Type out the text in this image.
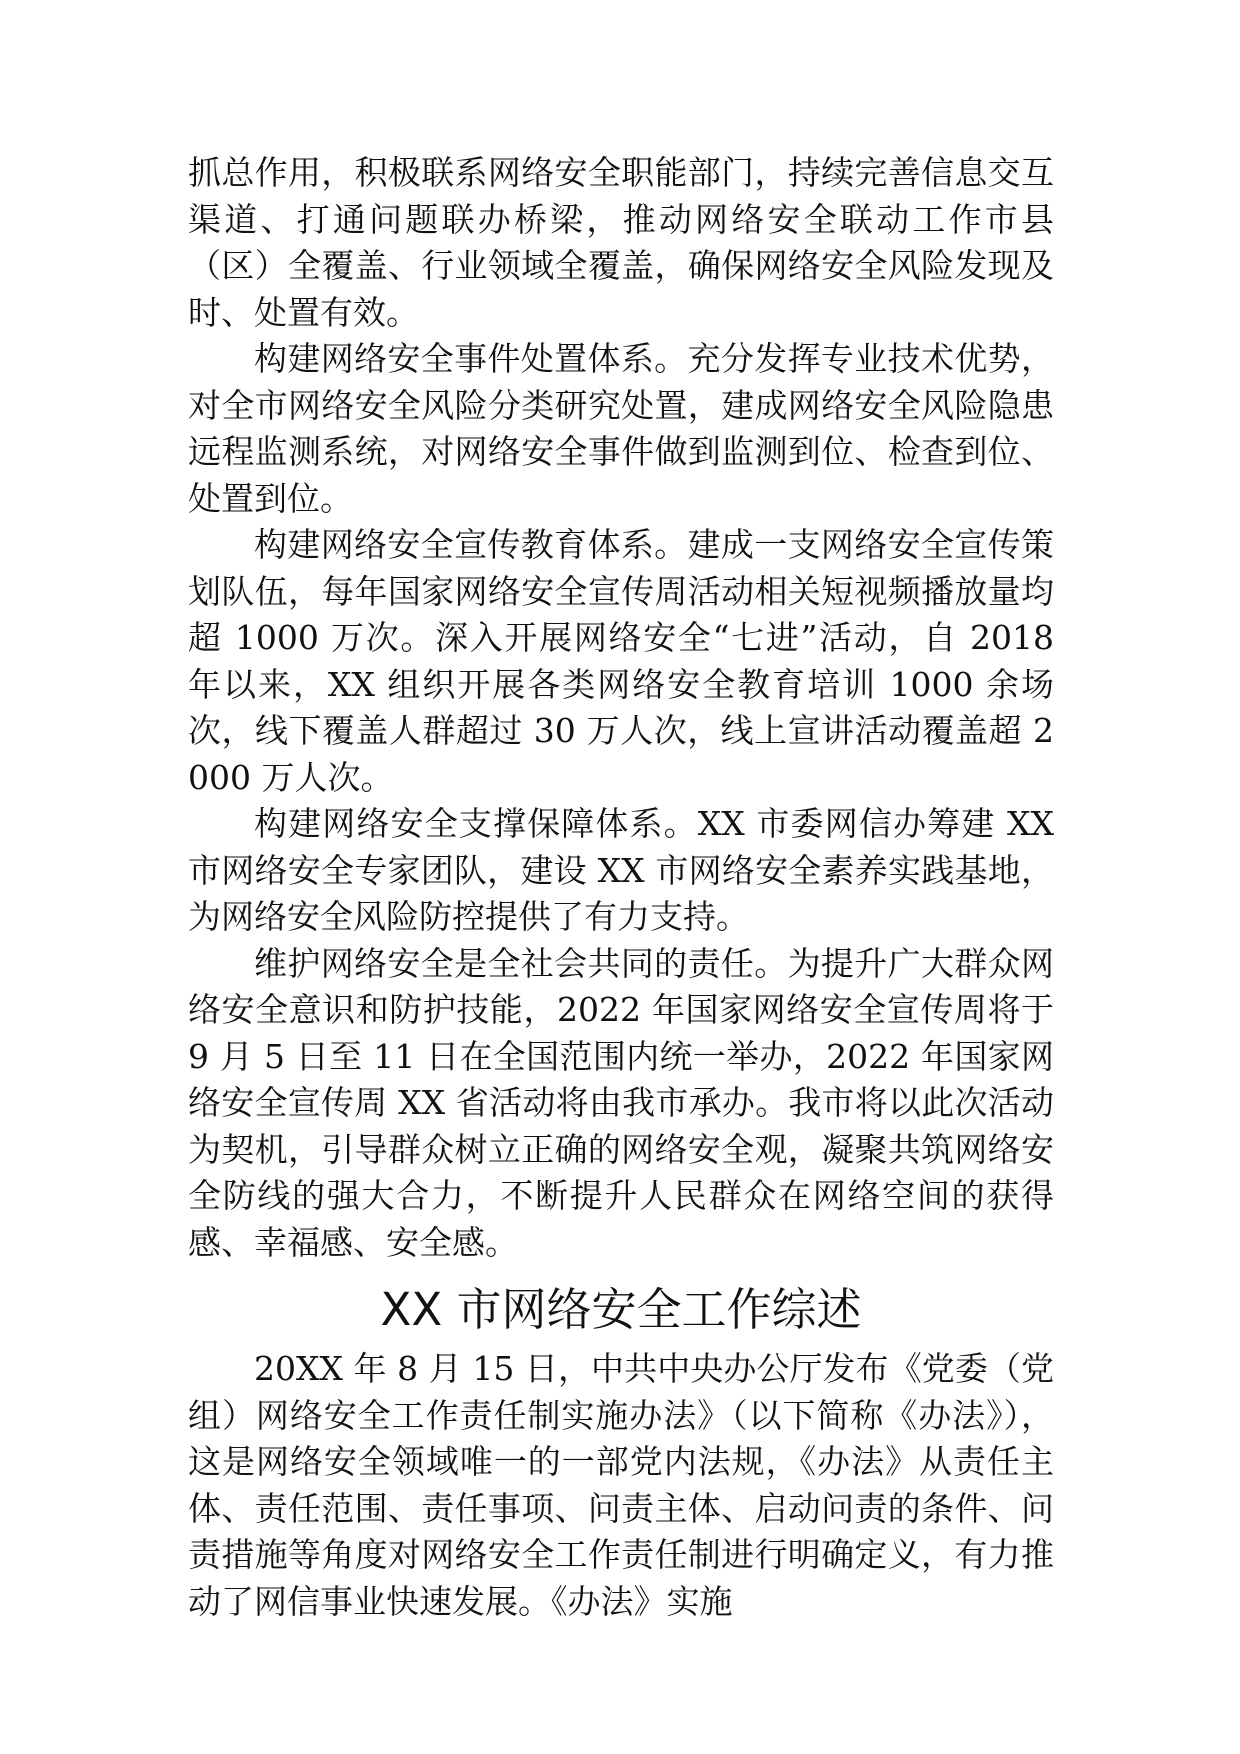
抓总作用，积极联系网络安全职能部门，持续完善信息交互渠道、打通问题联办桥梁，推动网络安全联动工作市县（区）全覆盖、行业领域全覆盖，确保网络安全风险发现及时、处置有效。

构建网络安全事件处置体系。充分发挥专业技术优势，对全市网络安全风险分类研究处置，建成网络安全风险隐患远程监测系统，对网络安全事件做到监测到位、检查到位、处置到位。

构建网络安全宣传教育体系。建成一支网络安全宣传策划队伍，每年国家网络安全宣传周活动相关短视频播放量均超 1000 万次。深入开展网络安全“七进”活动，自 2018 年以来，XX 组织开展各类网络安全教育培训 1000 余场次，线下覆盖人群超过 30 万人次，线上宣讲活动覆盖超 2000 万人次。

构建网络安全支撑保障体系。XX 市委网信办筹建 XX 市网络安全专家团队，建设 XX 市网络安全素养实践基地，为网络安全风险防控提供了有力支持。

维护网络安全是全社会共同的责任。为提升广大群众网络安全意识和防护技能，2022 年国家网络安全宣传周将于 9 月 5 日至 11 日在全国范围内统一举办，2022 年国家网络安全宣传周 XX 省活动将由我市承办。我市将以此次活动为契机，引导群众树立正确的网络安全观，凝聚共筑网络安全防线的强大合力，不断提升人民群众在网络空间的获得感、幸福感、安全感。

XX 市网络安全工作综述

20XX 年 8 月 15 日，中共中央办公厅发布《党委（党组）网络安全工作责任制实施办法》（以下简称《办法》），这是网络安全领域唯一的一部党内法规，《办法》从责任主体、责任范围、责任事项、问责主体、启动问责的条件、问责措施等角度对网络安全工作责任制进行明确定义，有力推动了网信事业快速发展。《办法》实施
